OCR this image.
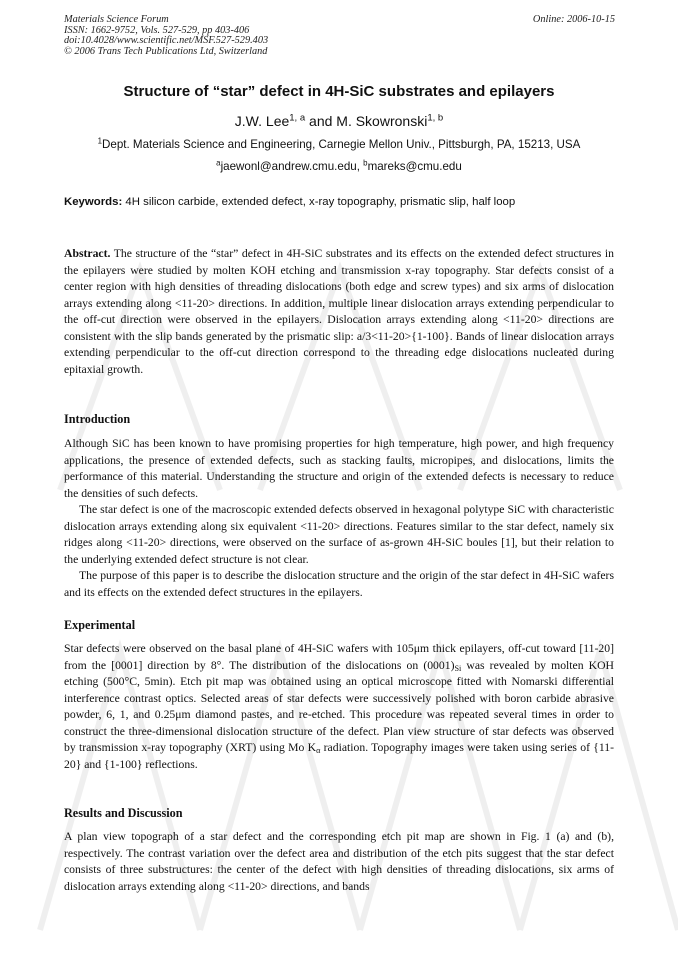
Materials Science Forum
ISSN: 1662-9752, Vols. 527-529, pp 403-406
doi:10.4028/www.scientific.net/MSF.527-529.403
© 2006 Trans Tech Publications Ltd, Switzerland
Online: 2006-10-15
Structure of “star” defect in 4H-SiC substrates and epilayers
J.W. Lee$^{1, a}$ and M. Skowronski$^{1, b}$
$^1$Dept. Materials Science and Engineering, Carnegie Mellon Univ., Pittsburgh, PA, 15213, USA
$^a$jaewonl@andrew.cmu.edu, $^b$mareks@cmu.edu
Keywords: 4H silicon carbide, extended defect, x-ray topography, prismatic slip, half loop

Abstract. The structure of the “star” defect in 4H-SiC substrates and its effects on the extended defect structures in the epilayers were studied by molten KOH etching and transmission x-ray topography. Star defects consist of a center region with high densities of threading dislocations (both edge and screw types) and six arms of dislocation arrays extending along <11-20> directions. In addition, multiple linear dislocation arrays extending perpendicular to the off-cut direction were observed in the epilayers. Dislocation arrays extending along <11-20> directions are consistent with the slip bands generated by the prismatic slip: a/3<11-20>{1-100}. Bands of linear dislocation arrays extending perpendicular to the off-cut direction correspond to the threading edge dislocations nucleated during epitaxial growth.

Introduction

Although SiC has been known to have promising properties for high temperature, high power, and high frequency applications, the presence of extended defects, such as stacking faults, micropipes, and dislocations, limits the performance of this material. Understanding the structure and origin of the extended defects is necessary to reduce the densities of such defects.

The star defect is one of the macroscopic extended defects observed in hexagonal polytype SiC with characteristic dislocation arrays extending along six equivalent <11-20> directions. Features similar to the star defect, namely six ridges along <11-20> directions, were observed on the surface of as-grown 4H-SiC boules [1], but their relation to the underlying extended defect structure is not clear.

The purpose of this paper is to describe the dislocation structure and the origin of the star defect in 4H-SiC wafers and its effects on the extended defect structures in the epilayers.

Experimental

Star defects were observed on the basal plane of 4H-SiC wafers with 105μm thick epilayers, off-cut toward [11-20] from the [0001] direction by 8°. The distribution of the dislocations on $(0001)_{Si}$ was revealed by molten KOH etching (500°C, 5min). Etch pit map was obtained using an optical microscope fitted with Nomarski differential interference contrast optics. Selected areas of star defects were successively polished with boron carbide abrasive powder, 6, 1, and 0.25μm diamond pastes, and re-etched. This procedure was repeated several times in order to construct the three-dimensional dislocation structure of the defect. Plan view structure of star defects was observed by transmission x-ray topography (XRT) using Mo $K_\alpha$ radiation. Topography images were taken using series of {11-20} and {1-100} reflections.

Results and Discussion

A plan view topograph of a star defect and the corresponding etch pit map are shown in Fig. 1 (a) and (b), respectively. The contrast variation over the defect area and distribution of the etch pits suggest that the star defect consists of three substructures: the center of the defect with high densities of threading dislocations, six arms of dislocation arrays extending along <11-20> directions, and bands
